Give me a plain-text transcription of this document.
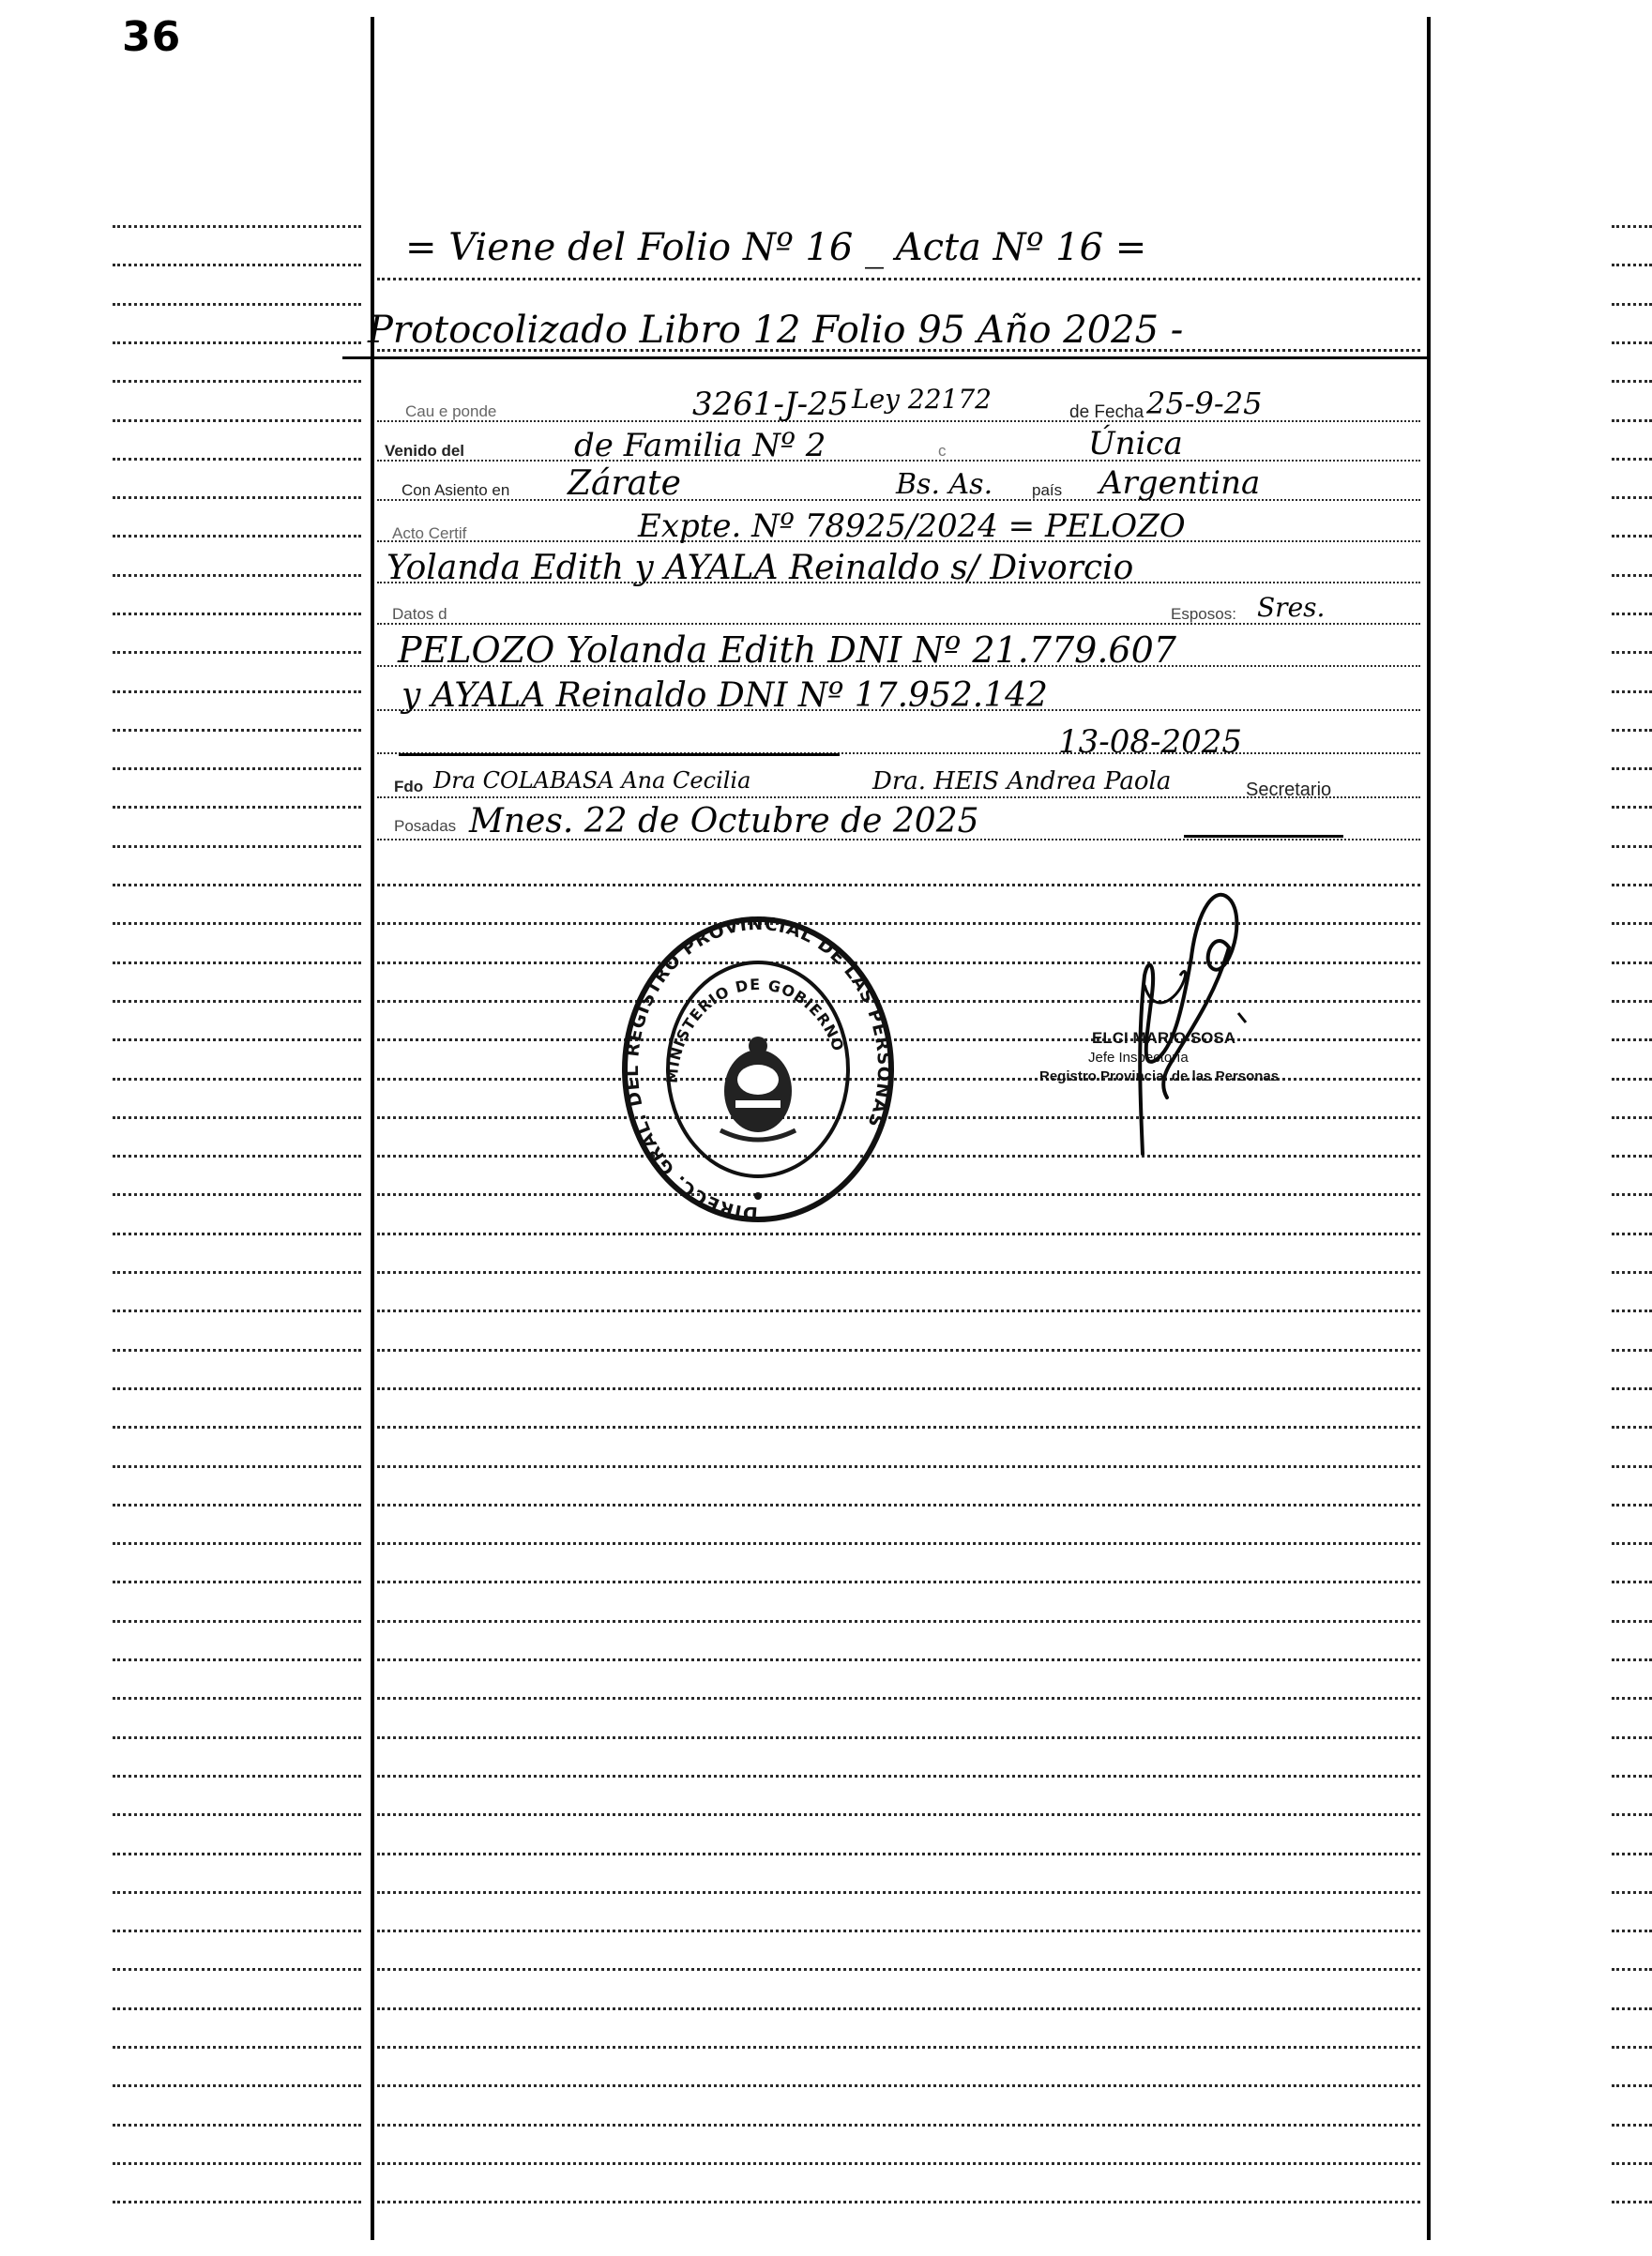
36
= Viene del Folio Nº 16 _ Acta Nº 16 =
Protocolizado Libro 12 Folio 95 Año 2025 -
Cau e ponde	3261-J-25 Ley 22172	de Fecha 25-9-25
Venido del	de Familia Nº 2	c	Única
Con Asiento en Zárate	Bs. As. país Argentina
Acto Certif	Expte. Nº 78925/2024 = PELOZO
Yolanda Edith y AYALA Reinaldo s/ Divorcio
Datos d	Esposos: Sres.
PELOZO Yolanda Edith DNI Nº 21.779.607
y AYALA Reinaldo DNI Nº 17.952.142
13-08-2025
Fdo Dra COLABASA Ana Cecilia	Dra. HEIS Andrea Paola	Secretario
Posadas Mnes. 22 de Octubre de 2025
DIRECC. GRAL. DEL REGISTRO PROVINCIAL DE LAS PERSONAS
MINISTERIO DE GOBIERNO	ELCI MARIO SOSA
Jefe Inspectoría
Registro Provincial de las Personas
